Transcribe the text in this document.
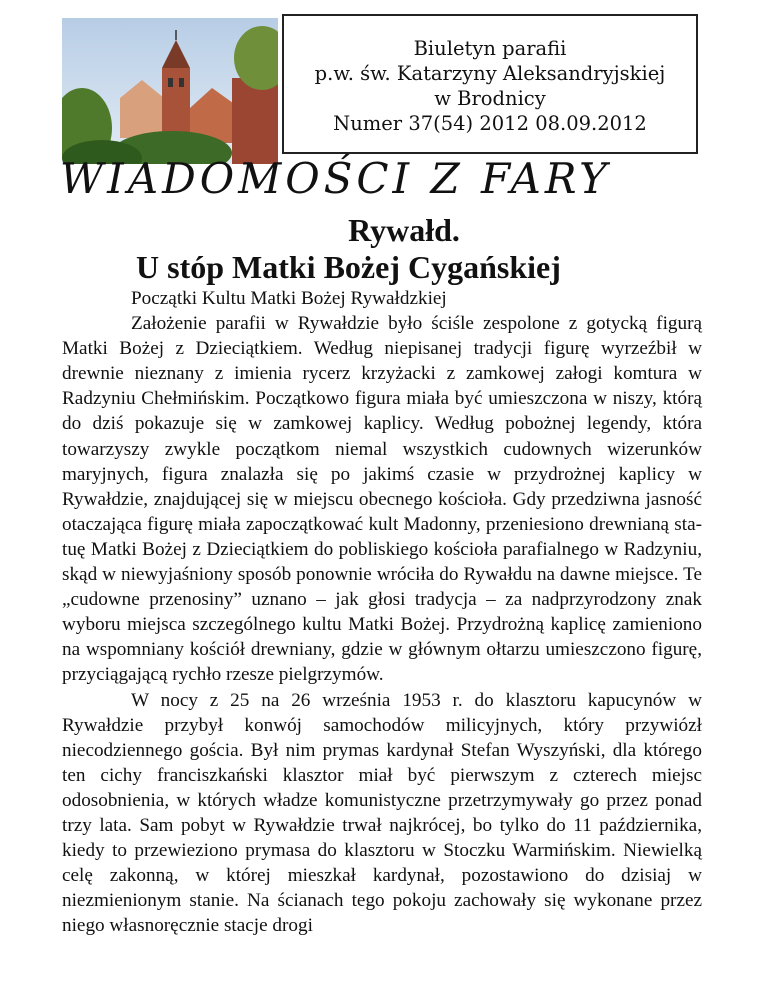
Biuletyn parafii
p.w. św. Katarzyny Aleksandryjskiej
w Brodnicy
Numer 37(54) 2012 08.09.2012
WIADOMOŚCI Z FARY
Rywałd.
U stóp Matki Bożej Cygańskiej

Początki Kultu Matki Bożej Rywałdzkiej

Założenie parafii w Rywałdzie było ściśle zespolone z gotycką figurą Matki Bożej z Dzieciątkiem. Według niepisanej tradycji figurę wyrzeźbił w drewnie nieznany z imienia rycerz krzyżacki z zamkowej załogi komtura w Radzyniu Chełmińskim. Początkowo figura miała być umieszczona w niszy, którą do dziś pokazuje się w zamkowej kaplicy. Według pobożnej legendy, która towarzyszy zwykle początkom niemal wszystkich cudownych wizerunków maryjnych, figura znalazła się po jakimś czasie w przydrożnej kaplicy w Rywałdzie, znajdującej się w miejscu obecnego kościoła. Gdy przedziwna jasność otaczająca figurę miała zapoczątkować kult Madonny, przeniesiono drewnianą statuę Matki Bożej z Dzieciątkiem do pobliskiego kościoła parafialnego w Radzyniu, skąd w niewyjaśniony sposób ponownie wróciła do Rywałdu na dawne miejsce. Te „cudowne przenosiny” uznano – jak głosi tradycja – za nadprzyrodzony znak wyboru miejsca szczególnego kultu Matki Bożej. Przydrożną kaplicę zamieniono na wspomniany kościół drewniany, gdzie w głównym ołtarzu umieszczono figurę, przyciągającą rychło rzesze pielgrzymów.

W nocy z 25 na 26 września 1953 r. do klasztoru kapucynów w Rywałdzie przybył konwój samochodów milicyjnych, który przywiózł niecodziennego gościa. Był nim prymas kardynał Stefan Wyszyński, dla którego ten cichy franciszkański klasztor miał być pierwszym z czterech miejsc odosobnienia, w których władze komunistyczne przetrzymywały go przez ponad trzy lata. Sam pobyt w Rywałdzie trwał najkrócej, bo tylko do 11 października, kiedy to przewieziono prymasa do klasztoru w Stoczku Warmińskim. Niewielką celę zakonną, w której mieszkał kardynał, pozostawiono do dzisiaj w niezmienionym stanie. Na ścianach tego pokoju zachowały się wykonane przez niego własnoręcznie stacje drogi
